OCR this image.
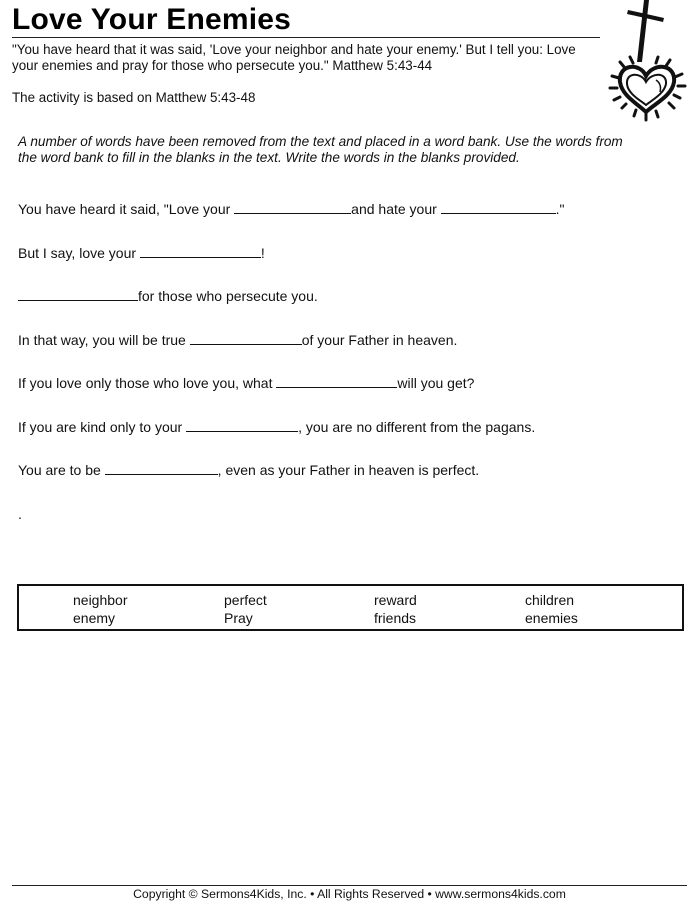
Love Your Enemies
"You have heard that it was said, 'Love your neighbor and hate your enemy.' But I tell you: Love
your enemies and pray for those who persecute you." Matthew 5:43-44
The activity is based on Matthew 5:43-48
A number of words have been removed from the text and placed in a word bank. Use the words from the word bank to fill in the blanks in the text. Write the words in the blanks provided.
You have heard it said, "Love your	and hate your	."
But I say, love your	!
for those who persecute you.
In that way, you will be true	of your Father in heaven.
If you love only those who love you, what	will you get?
If you are kind only to your	, you are no different from the pagans.
You are to be	, even as your Father in heaven is perfect.
.
neighbor	perfect	reward	children
enemy	Pray	friends	enemies
Copyright © Sermons4Kids, Inc. • All Rights Reserved • www.sermons4kids.com
